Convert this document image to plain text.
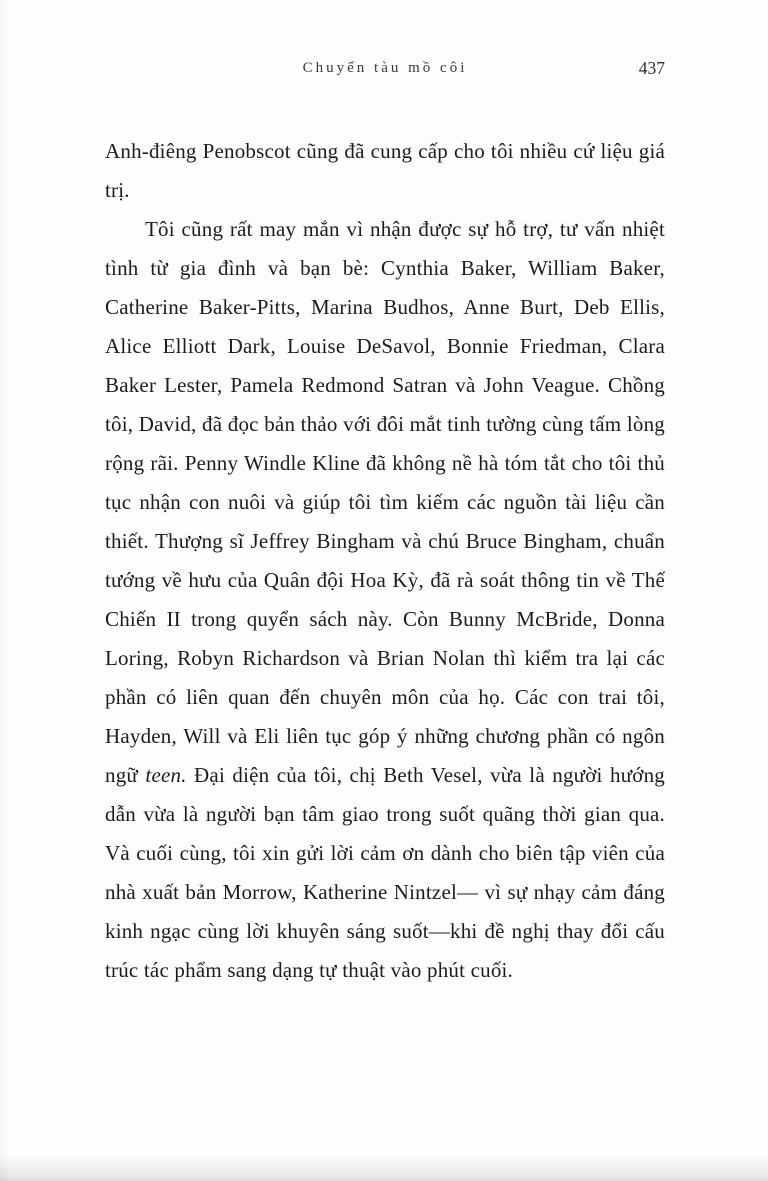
Chuyến tàu mồ côi	437

Anh-điêng Penobscot cũng đã cung cấp cho tôi nhiều cứ liệu giá trị.

Tôi cũng rất may mắn vì nhận được sự hỗ trợ, tư vấn nhiệt tình từ gia đình và bạn bè: Cynthia Baker, William Baker, Catherine Baker-Pitts, Marina Budhos, Anne Burt, Deb Ellis, Alice Elliott Dark, Louise DeSavol, Bonnie Friedman, Clara Baker Lester, Pamela Redmond Satran và John Veague. Chồng tôi, David, đã đọc bản thảo với đôi mắt tinh tường cùng tấm lòng rộng rãi. Penny Windle Kline đã không nề hà tóm tắt cho tôi thủ tục nhận con nuôi và giúp tôi tìm kiếm các nguồn tài liệu cần thiết. Thượng sĩ Jeffrey Bingham và chú Bruce Bingham, chuẩn tướng về hưu của Quân đội Hoa Kỳ, đã rà soát thông tin về Thế Chiến II trong quyển sách này. Còn Bunny McBride, Donna Loring, Robyn Richardson và Brian Nolan thì kiểm tra lại các phần có liên quan đến chuyên môn của họ. Các con trai tôi, Hayden, Will và Eli liên tục góp ý những chương phần có ngôn ngữ teen. Đại diện của tôi, chị Beth Vesel, vừa là người hướng dẫn vừa là người bạn tâm giao trong suốt quãng thời gian qua. Và cuối cùng, tôi xin gửi lời cảm ơn dành cho biên tập viên của nhà xuất bản Morrow, Katherine Nintzel— vì sự nhạy cảm đáng kinh ngạc cùng lời khuyên sáng suốt—khi đề nghị thay đổi cấu trúc tác phẩm sang dạng tự thuật vào phút cuối.
